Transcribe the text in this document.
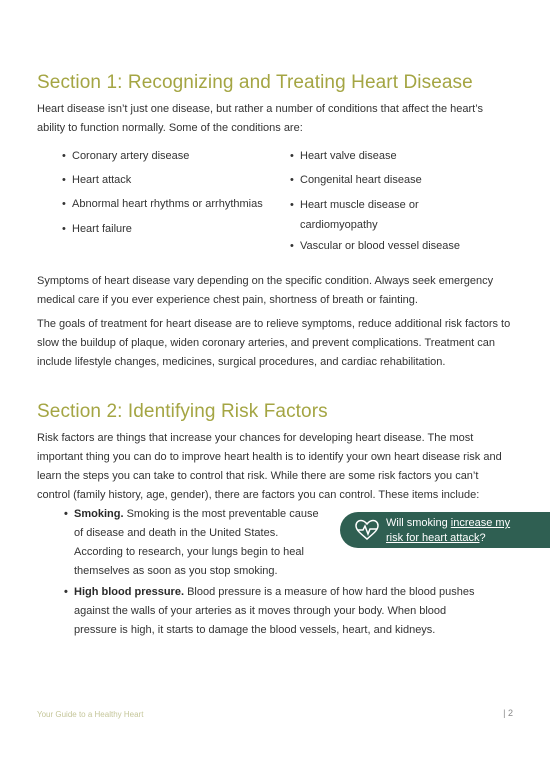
Section 1: Recognizing and Treating Heart Disease

Heart disease isn’t just one disease, but rather a number of conditions that affect the heart’s ability to function normally. Some of the conditions are:

• Coronary artery disease
• Heart attack
• Abnormal heart rhythms or arrhythmias
• Heart failure
• Heart valve disease
• Congenital heart disease
• Heart muscle disease or cardiomyopathy
• Vascular or blood vessel disease

Symptoms of heart disease vary depending on the specific condition. Always seek emergency medical care if you ever experience chest pain, shortness of breath or fainting.

The goals of treatment for heart disease are to relieve symptoms, reduce additional risk factors to slow the buildup of plaque, widen coronary arteries, and prevent complications. Treatment can include lifestyle changes, medicines, surgical procedures, and cardiac rehabilitation.

Section 2: Identifying Risk Factors

Risk factors are things that increase your chances for developing heart disease. The most important thing you can do to improve heart health is to identify your own heart disease risk and learn the steps you can take to control that risk. While there are some risk factors you can’t control (family history, age, gender), there are factors you can control. These items include:

• Smoking. Smoking is the most preventable cause of disease and death in the United States. According to research, your lungs begin to heal themselves as soon as you stop smoking.
Will smoking increase my
risk for heart attack?
• High blood pressure. Blood pressure is a measure of how hard the blood pushes against the walls of your arteries as it moves through your body. When blood pressure is high, it starts to damage the blood vessels, heart, and kidneys.
Your Guide to a Healthy Heart	| 2
